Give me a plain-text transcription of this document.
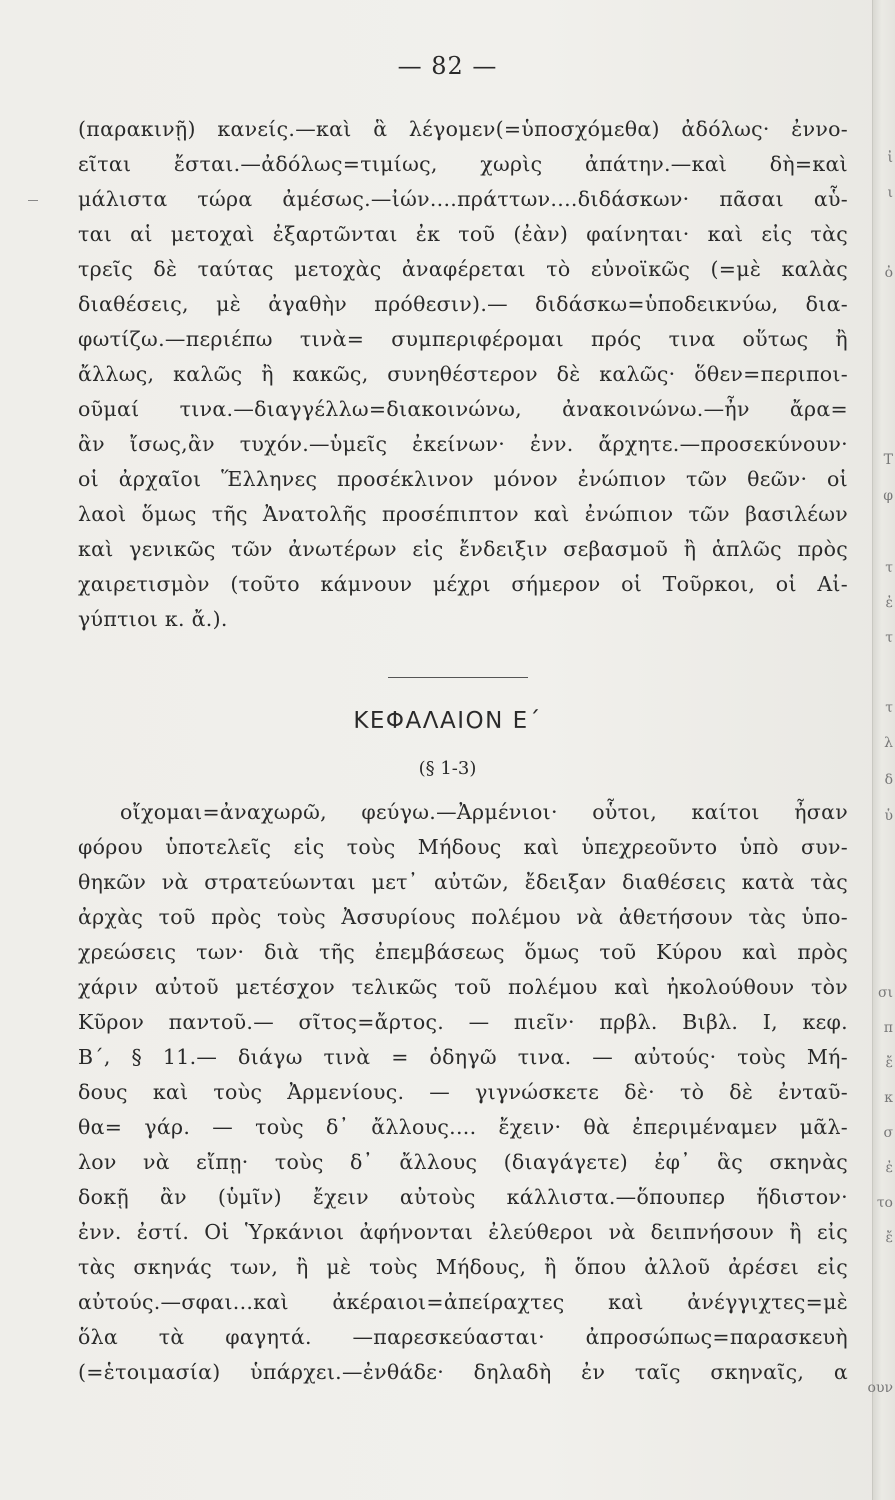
— 82 —
(παρακινῇ) κανείς.—καὶ ἃ λέγομεν(=ὑποσχόμεθα) ἀδόλως· ἐννο-
εῖται ἔσται.—ἀδόλως=τιμίως, χωρὶς ἀπάτην.—καὶ δὴ=καὶ
μάλιστα τώρα ἀμέσως.—ἰών....πράττων....διδάσκων· πᾶσαι αὗ-
ται αἱ μετοχαὶ ἐξαρτῶνται ἐκ τοῦ (ἐὰν) φαίνηται· καὶ εἰς τὰς
τρεῖς δὲ ταύτας μετοχὰς ἀναφέρεται τὸ εὐνοϊκῶς (=μὲ καλὰς
διαθέσεις, μὲ ἀγαθὴν πρόθεσιν).— διδάσκω=ὑποδεικνύω, δια-
φωτίζω.—περιέπω τινὰ= συμπεριφέρομαι πρός τινα οὕτως ἢ
ἄλλως, καλῶς ἢ κακῶς, συνηθέστερον δὲ καλῶς· ὅθεν=περιποι-
οῦμαί τινα.—διαγγέλλω=διακοινώνω, ἀνακοινώνω.—ἦν ἄρα=
ἂν ἴσως,ἂν τυχόν.—ὑμεῖς ἐκείνων· ἐνν. ἄρχητε.—προσεκύνουν·
οἱ ἀρχαῖοι Ἕλληνες προσέκλινον μόνον ἐνώπιον τῶν θεῶν· οἱ
λαοὶ ὅμως τῆς Ἀνατολῆς προσέπιπτον καὶ ἐνώπιον τῶν βασιλέων
καὶ γενικῶς τῶν ἀνωτέρων εἰς ἔνδειξιν σεβασμοῦ ἢ ἁπλῶς πρὸς
χαιρετισμὸν (τοῦτο κάμνουν μέχρι σήμερον οἱ Τοῦρκοι, οἱ Αἰ-
γύπτιοι κ. ἄ.).
ΚΕΦΑΛΑΙΟΝ Ε΄
(§ 1-3)
οἴχομαι=ἀναχωρῶ, φεύγω.—Ἀρμένιοι· οὗτοι, καίτοι ἦσαν
φόρου ὑποτελεῖς εἰς τοὺς Μήδους καὶ ὑπεχρεοῦντο ὑπὸ συν-
θηκῶν νὰ στρατεύωνται μετ᾽ αὐτῶν, ἔδειξαν διαθέσεις κατὰ τὰς
ἀρχὰς τοῦ πρὸς τοὺς Ἀσσυρίους πολέμου νὰ ἀθετήσουν τὰς ὑπο-
χρεώσεις των· διὰ τῆς ἐπεμβάσεως ὅμως τοῦ Κύρου καὶ πρὸς
χάριν αὐτοῦ μετέσχον τελικῶς τοῦ πολέμου καὶ ἠκολούθουν τὸν
Κῦρον παντοῦ.— σῖτος=ἄρτος. — πιεῖν· πρβλ. Βιβλ. Ι, κεφ.
Β΄, § 11.— διάγω τινὰ = ὁδηγῶ τινα. — αὐτούς· τοὺς Μή-
δους καὶ τοὺς Ἀρμενίους. — γιγνώσκετε δὲ· τὸ δὲ ἐνταῦ-
θα= γάρ. — τοὺς δ᾽ ἄλλους.... ἔχειν· θὰ ἐπεριμέναμεν μᾶλ-
λον νὰ εἴπῃ· τοὺς δ᾽ ἄλλους (διαγάγετε) ἐφ᾽ ἃς σκηνὰς
δοκῇ ἂν (ὑμῖν) ἔχειν αὐτοὺς κάλλιστα.—ὅπουπερ ἥδιστον·
ἐνν. ἐστί. Οἱ Ὑρκάνιοι ἀφήνονται ἐλεύθεροι νὰ δειπνήσουν ἢ εἰς
τὰς σκηνάς των, ἢ μὲ τοὺς Μήδους, ἢ ὅπου ἀλλοῦ ἀρέσει εἰς
αὐτούς.—σφαι...καὶ ἀκέραιοι=ἀπείραχτες καὶ ἀνέγγιχτες=μὲ
ὅλα τὰ φαγητά. —παρεσκεύασται· ἀπροσώπως=παρασκευὴ
(=ἑτοιμασία) ὑπάρχει.—ἐνθάδε· δηλαδὴ ἐν ταῖς σκηναῖς, α
ἰ
ι
ὀ
Τ
φ
τ
ἐ
τ
τ
λ
δ
ὑ
σι
π
ἔ
κ
σ
ἐ
το
ἔ
ουν
